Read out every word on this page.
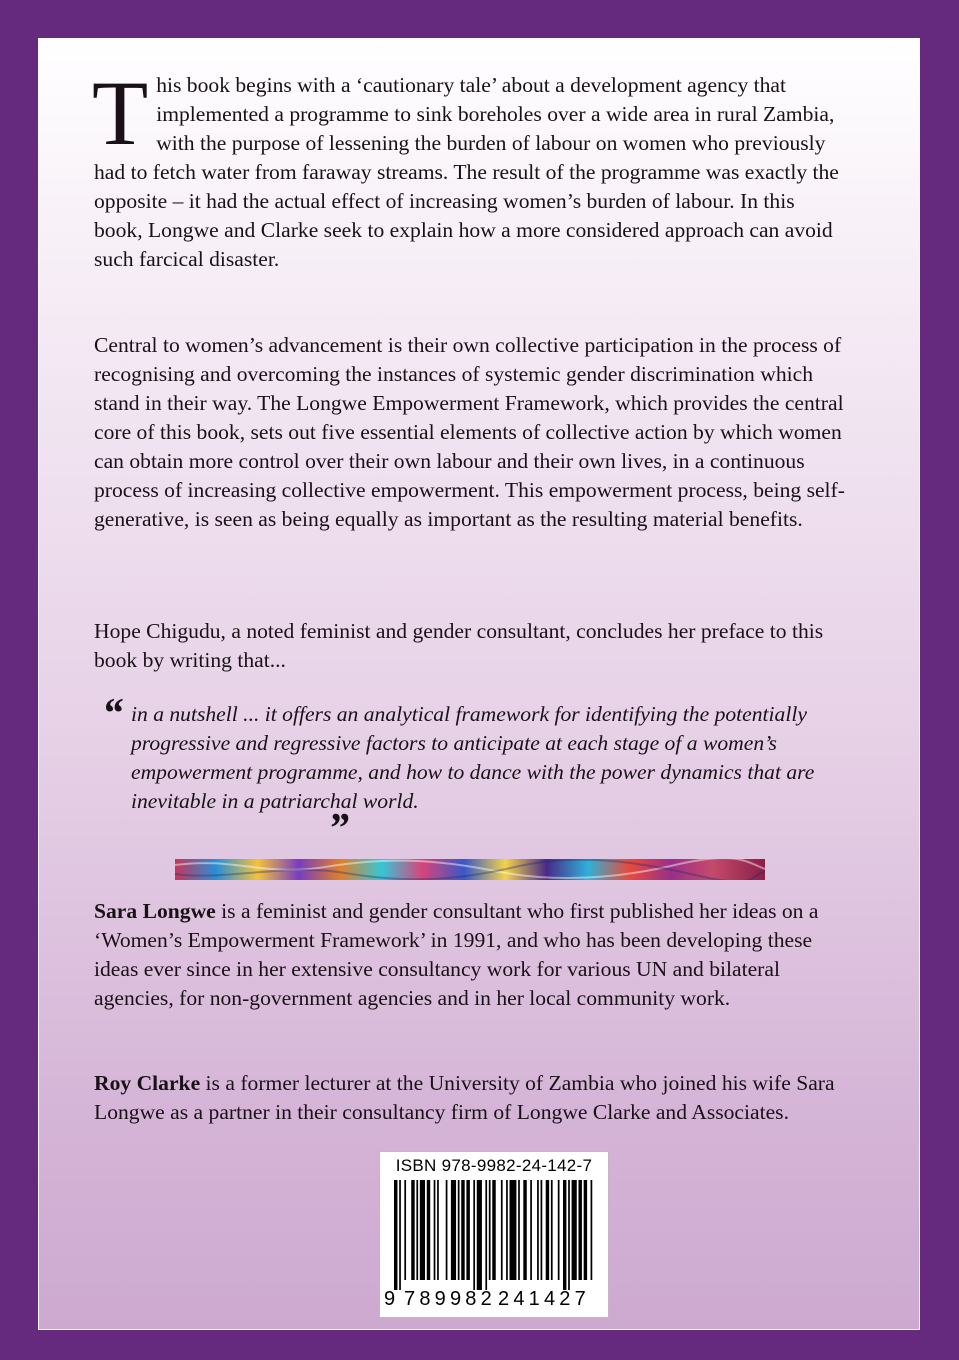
This book begins with a ‘cautionary tale’ about a development agency that implemented a programme to sink boreholes over a wide area in rural Zambia, with the purpose of lessening the burden of labour on women who previously had to fetch water from faraway streams. The result of the programme was exactly the opposite – it had the actual effect of increasing women’s burden of labour. In this book, Longwe and Clarke seek to explain how a more considered approach can avoid such farcical disaster.
Central to women’s advancement is their own collective participation in the process of recognising and overcoming the instances of systemic gender discrimination which stand in their way. The Longwe Empowerment Framework, which provides the central core of this book, sets out five essential elements of collective action by which women can obtain more control over their own labour and their own lives, in a continuous process of increasing collective empowerment. This empowerment process, being self-generative, is seen as being equally as important as the resulting material benefits.
Hope Chigudu, a noted feminist and gender consultant, concludes her preface to this book by writing that...
“ in a nutshell ... it offers an analytical framework for identifying the potentially progressive and regressive factors to anticipate at each stage of a women’s empowerment programme, and how to dance with the power dynamics that are inevitable in a patriarchal world.
”
Sara Longwe is a feminist and gender consultant who first published her ideas on a ‘Women’s Empowerment Framework’ in 1991, and who has been developing these ideas ever since in her extensive consultancy work for various UN and bilateral agencies, for non-government agencies and in her local community work.
Roy Clarke is a former lecturer at the University of Zambia who joined his wife Sara Longwe as a partner in their consultancy firm of Longwe Clarke and Associates.
ISBN 978-9982-24-142-7
9 789982 241427
